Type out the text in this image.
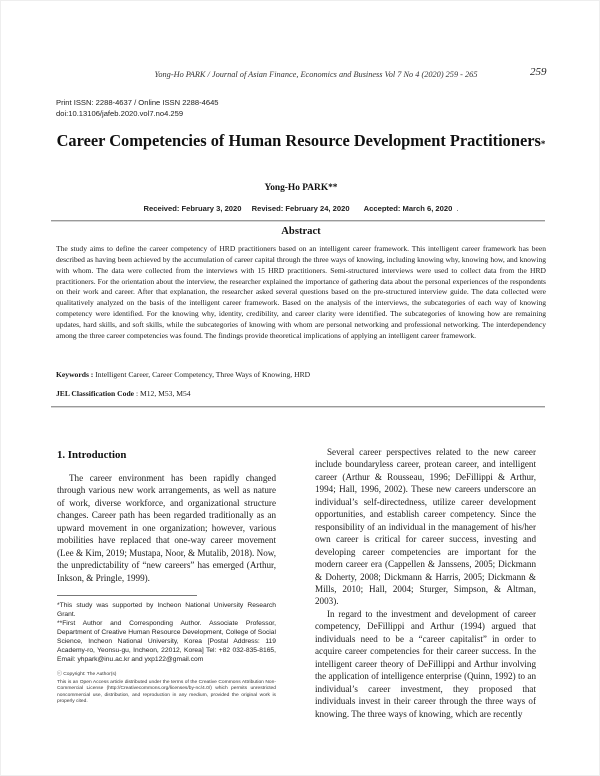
Yong-Ho PARK / Journal of Asian Finance, Economics and Business Vol 7 No 4 (2020) 259 - 265	259
Print ISSN: 2288-4637 / Online ISSN 2288-4645
doi:10.13106/jafeb.2020.vol7.no4.259
Career Competencies of Human Resource Development Practitioners*
Yong-Ho PARK**
Received: February 3, 2020 Revised: February 24, 2020 Accepted: March 6, 2020 .
Abstract
The study aims to define the career competency of HRD practitioners based on an intelligent career framework. This intelligent career framework has been described as having been achieved by the accumulation of career capital through the three ways of knowing, including knowing why, knowing how, and knowing with whom. The data were collected from the interviews with 15 HRD practitioners. Semi-structured interviews were used to collect data from the HRD practitioners. For the orientation about the interview, the researcher explained the importance of gathering data about the personal experiences of the respondents on their work and career. After that explanation, the researcher asked several questions based on the pre-structured interview guide. The data collected were qualitatively analyzed on the basis of the intelligent career framework. Based on the analysis of the interviews, the subcategories of each way of knowing competency were identified. For the knowing why, identity, credibility, and career clarity were identified. The subcategories of knowing how are remaining updates, hard skills, and soft skills, while the subcategories of knowing with whom are personal networking and professional networking. The interdependency among the three career competencies was found. The findings provide theoretical implications of applying an intelligent career framework.
Keywords : Intelligent Career, Career Competency, Three Ways of Knowing, HRD
JEL Classification Code : M12, M53, M54
1. Introduction

The career environment has been rapidly changed through various new work arrangements, as well as nature of work, diverse workforce, and organizational structure changes. Career path has been regarded traditionally as an upward movement in one organization; however, various mobilities have replaced that one-way career movement (Lee & Kim, 2019; Mustapa, Noor, & Mutalib, 2018). Now, the unpredictability of “new careers” has emerged (Arthur, Inkson, & Pringle, 1999).

Several career perspectives related to the new career include boundaryless career, protean career, and intelligent career (Arthur & Rousseau, 1996; DeFillippi & Arthur, 1994; Hall, 1996, 2002). These new careers underscore an individual’s self-directedness, utilize career development opportunities, and establish career competency. Since the responsibility of an individual in the management of his/her own career is critical for career success, investing and developing career competencies are important for the modern career era (Cappellen & Janssens, 2005; Dickmann & Doherty, 2008; Dickmann & Harris, 2005; Dickmann & Mills, 2010; Hall, 2004; Sturger, Simpson, & Altman, 2003).

In regard to the investment and development of career competency, DeFillippi and Arthur (1994) argued that individuals need to be a “career capitalist” in order to acquire career competencies for their career success. In the intelligent career theory of DeFillippi and Arthur involving the application of intelligence enterprise (Quinn, 1992) to an individual’s career investment, they proposed that individuals invest in their career through the three ways of knowing. The three ways of knowing, which are recently

*This study was supported by Incheon National University Research Grant.

**First Author and Corresponding Author. Associate Professor, Department of Creative Human Resource Development, College of Social Science, Incheon National University, Korea [Postal Address: 119 Academy-ro, Yeonsu-gu, Incheon, 22012, Korea] Tel: +82 032-835-8165, Email: yhpark@inu.ac.kr and yxp122@gmail.com

ⓒ Copyright: The Author(s)

This is an Open Access article distributed under the terms of the Creative Commons Attribution Non-Commercial License (http://Creativecommons.org/licenses/by-nc/4.0/) which permits unrestricted noncommercial use, distribution, and reproduction in any medium, provided the original work is properly cited.
